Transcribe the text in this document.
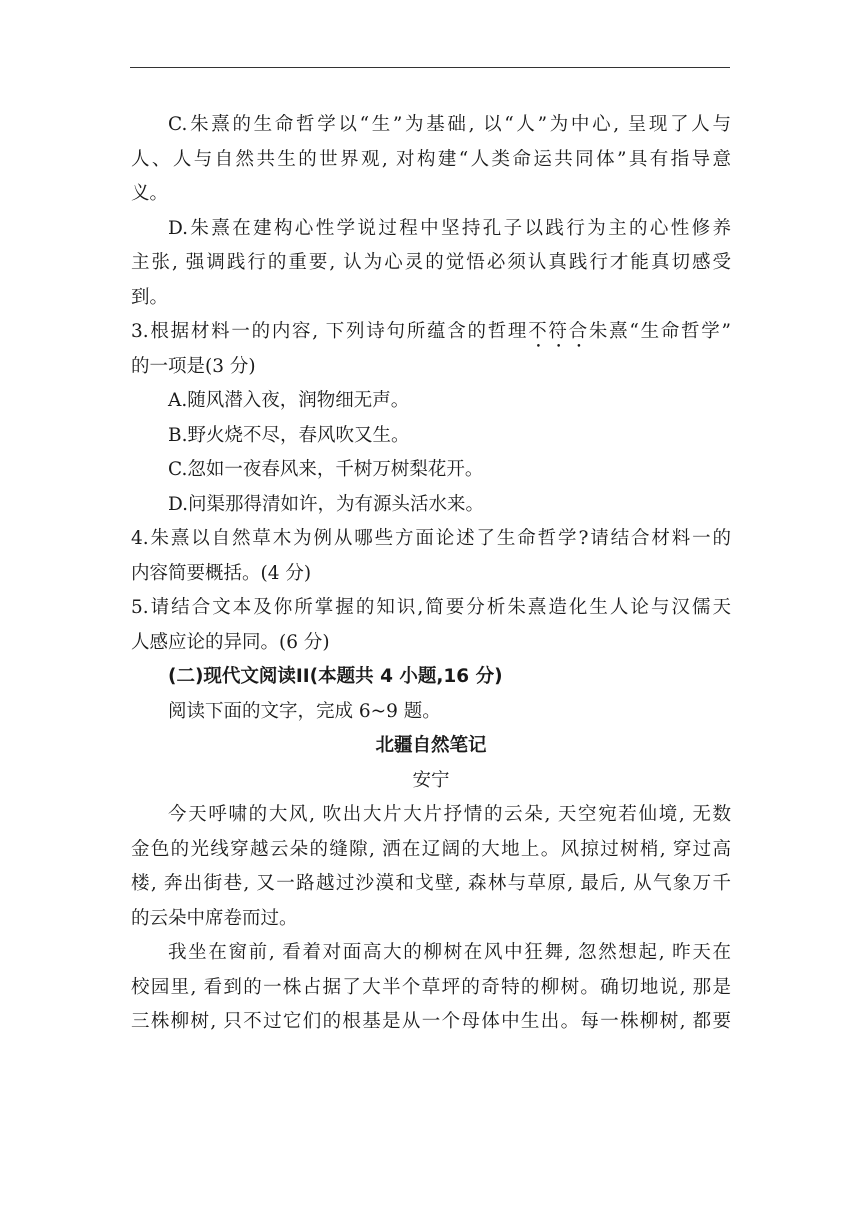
C.朱熹的生命哲学以“生”为基础, 以“人”为中心, 呈现了人与
人、人与自然共生的世界观, 对构建“人类命运共同体”具有指导意
义。
D.朱熹在建构心性学说过程中坚持孔子以践行为主的心性修养
主张, 强调践行的重要, 认为心灵的觉悟必须认真践行才能真切感受
到。
3.根据材料一的内容, 下列诗句所蕴含的哲理不符合朱熹“生命哲学”
的一项是(3 分)
A.随风潜入夜，润物细无声。
B.野火烧不尽，春风吹又生。
C.忽如一夜春风来，千树万树梨花开。
D.问渠那得清如许，为有源头活水来。
4.朱熹以自然草木为例从哪些方面论述了生命哲学?请结合材料一的
内容简要概括。(4 分)
5.请结合文本及你所掌握的知识,简要分析朱熹造化生人论与汉儒天
人感应论的异同。(6 分)
(二)现代文阅读II(本题共 4 小题,16 分)
阅读下面的文字，完成 6~9 题。
北疆自然笔记
安宁
今天呼啸的大风, 吹出大片大片抒情的云朵, 天空宛若仙境, 无数
金色的光线穿越云朵的缝隙, 洒在辽阔的大地上。风掠过树梢, 穿过高
楼, 奔出街巷, 又一路越过沙漠和戈壁, 森林与草原, 最后, 从气象万千
的云朵中席卷而过。
我坐在窗前, 看着对面高大的柳树在风中狂舞, 忽然想起, 昨天在
校园里, 看到的一株占据了大半个草坪的奇特的柳树。确切地说, 那是
三株柳树, 只不过它们的根基是从一个母体中生出。每一株柳树, 都要
